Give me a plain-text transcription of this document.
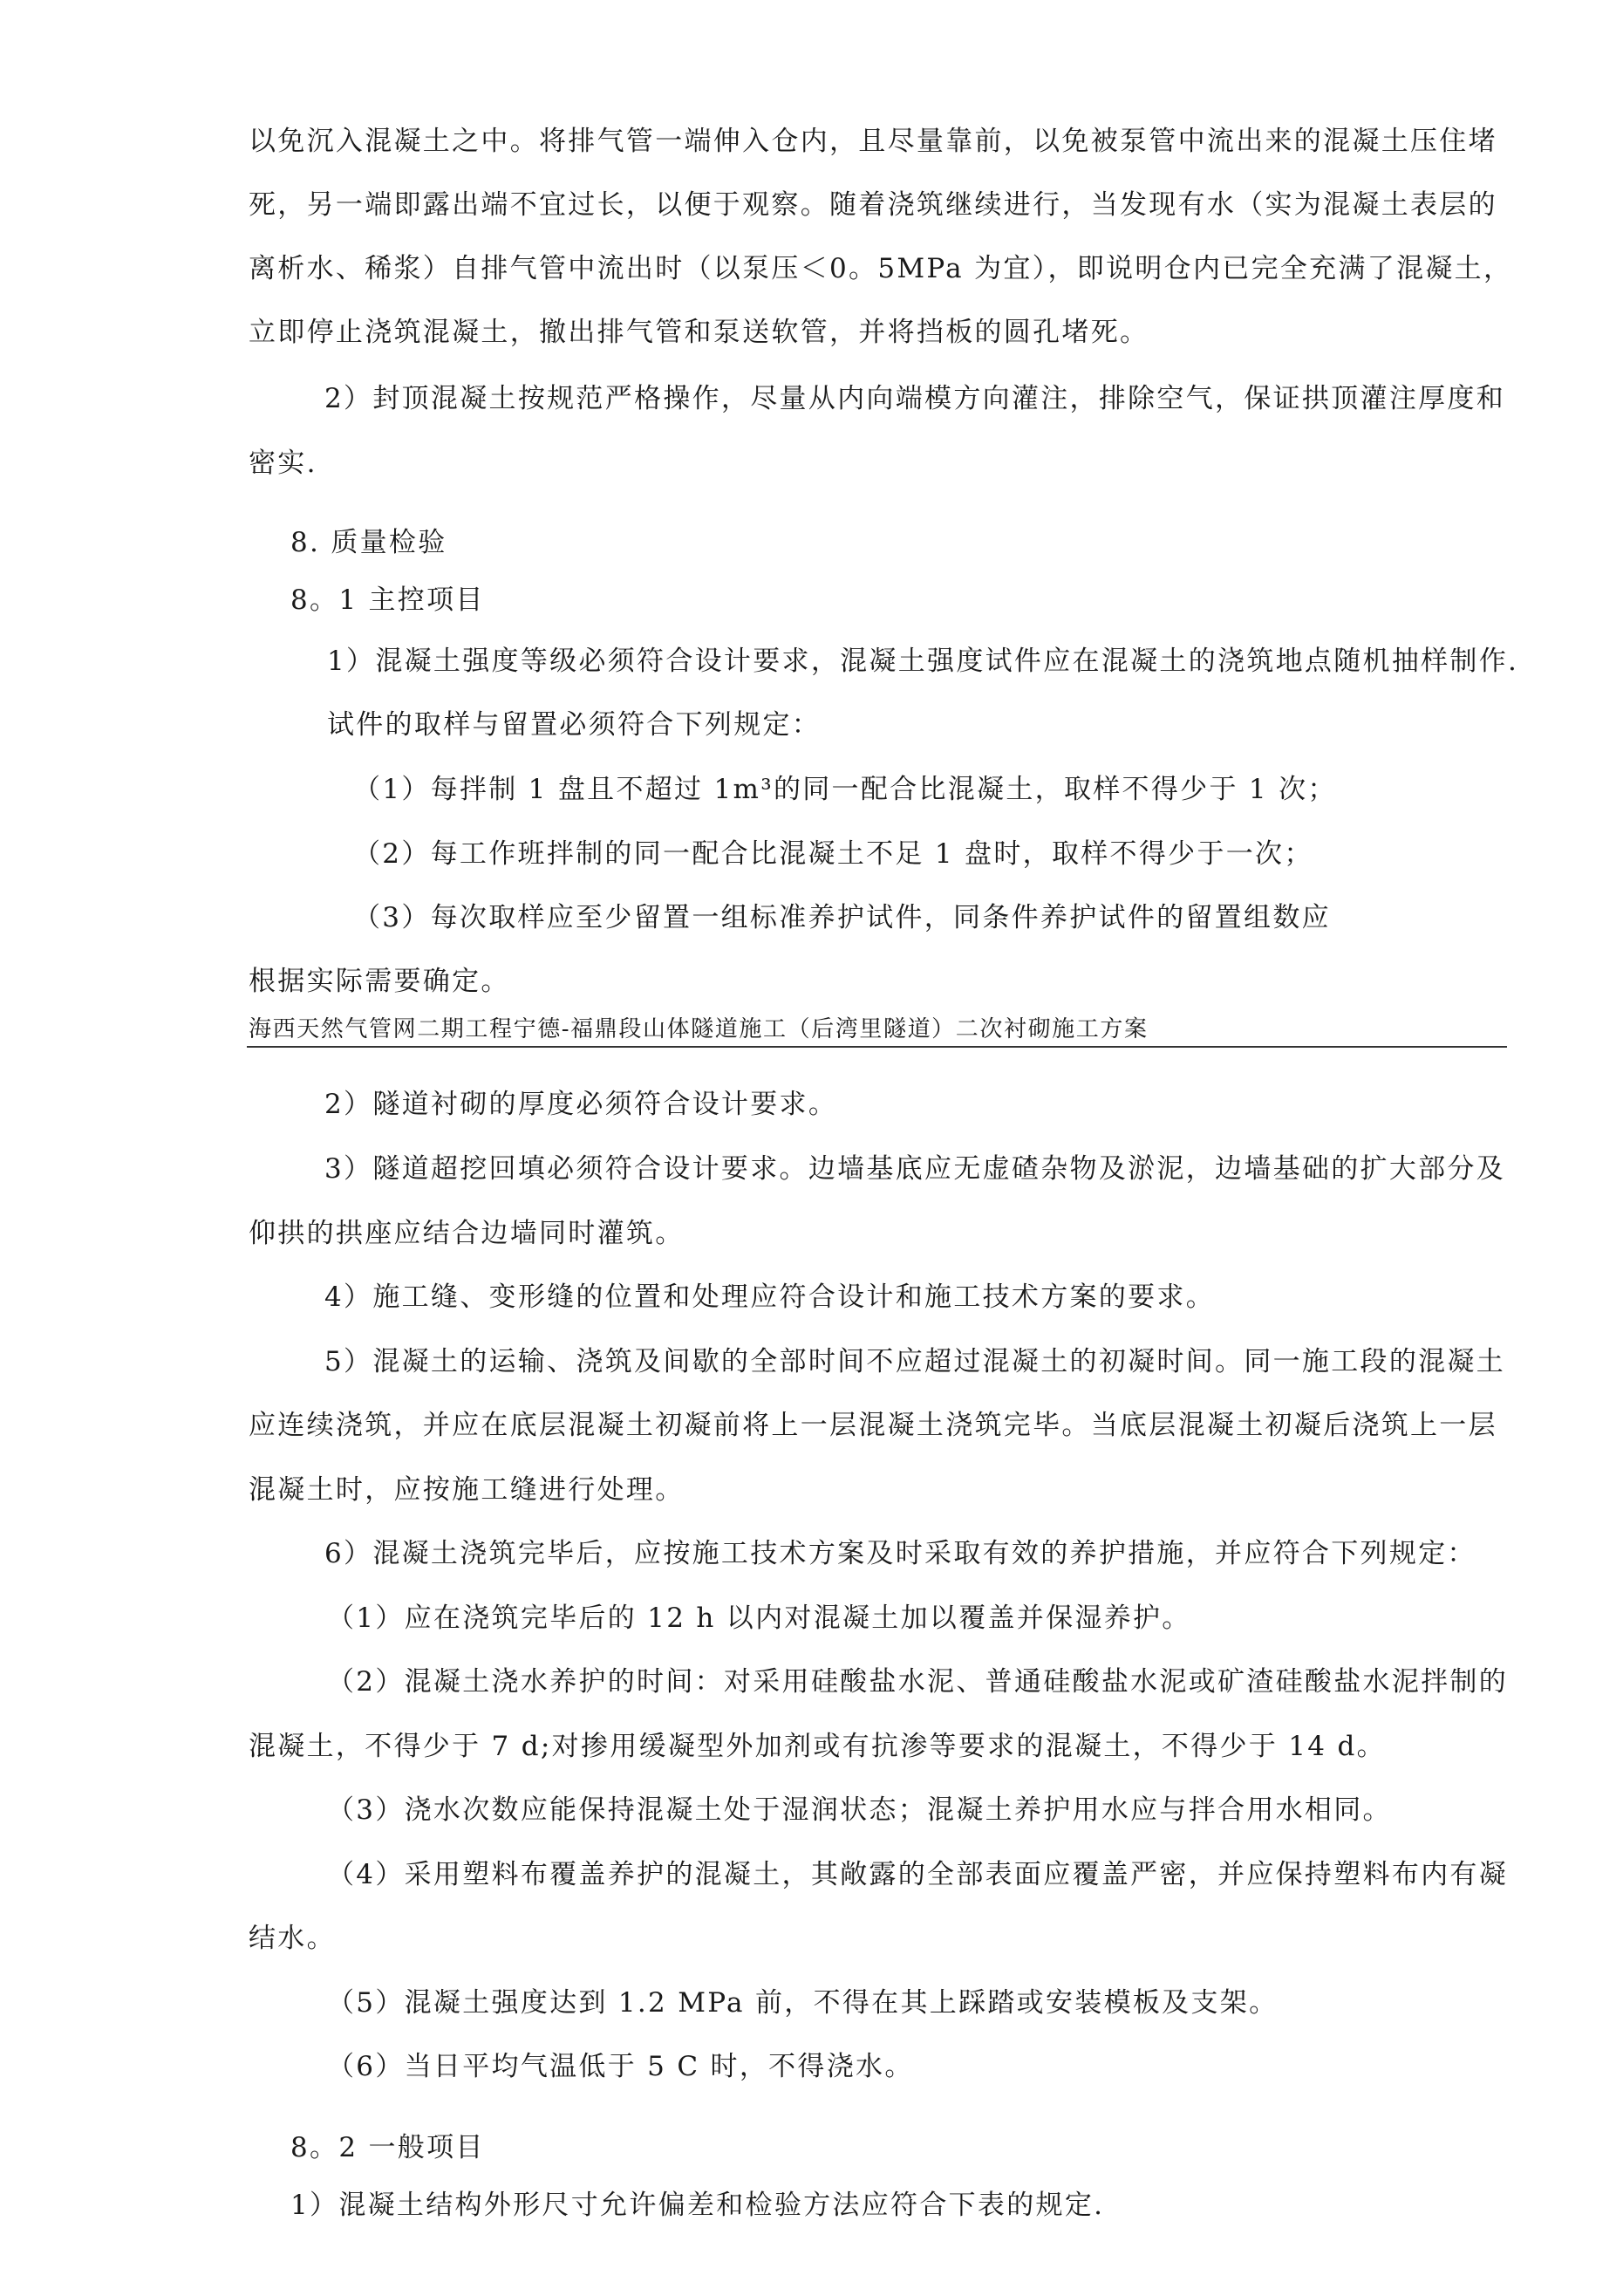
以免沉入混凝土之中。将排气管一端伸入仓内，且尽量靠前，以免被泵管中流出来的混凝土压住堵
死，另一端即露出端不宜过长，以便于观察。随着浇筑继续进行，当发现有水（实为混凝土表层的
离析水、稀浆）自排气管中流出时（以泵压＜0。5MPa 为宜），即说明仓内已完全充满了混凝土，
立即停止浇筑混凝土，撤出排气管和泵送软管，并将挡板的圆孔堵死。
2）封顶混凝土按规范严格操作，尽量从内向端模方向灌注，排除空气，保证拱顶灌注厚度和
密实.
8. 质量检验
8。1 主控项目
1）混凝土强度等级必须符合设计要求，混凝土强度试件应在混凝土的浇筑地点随机抽样制作.
试件的取样与留置必须符合下列规定：
（1）每拌制 1 盘且不超过 1m³的同一配合比混凝土，取样不得少于 1 次；
（2）每工作班拌制的同一配合比混凝土不足 1 盘时，取样不得少于一次；
（3）每次取样应至少留置一组标准养护试件，同条件养护试件的留置组数应
根据实际需要确定。
海西天然气管网二期工程宁德-福鼎段山体隧道施工（后湾里隧道）二次衬砌施工方案
2）隧道衬砌的厚度必须符合设计要求。
3）隧道超挖回填必须符合设计要求。边墙基底应无虚碴杂物及淤泥，边墙基础的扩大部分及
仰拱的拱座应结合边墙同时灌筑。
4）施工缝、变形缝的位置和处理应符合设计和施工技术方案的要求。
5）混凝土的运输、浇筑及间歇的全部时间不应超过混凝土的初凝时间。同一施工段的混凝土
应连续浇筑，并应在底层混凝土初凝前将上一层混凝土浇筑完毕。当底层混凝土初凝后浇筑上一层
混凝土时，应按施工缝进行处理。
6）混凝土浇筑完毕后，应按施工技术方案及时采取有效的养护措施，并应符合下列规定：
（1）应在浇筑完毕后的 12 h 以内对混凝土加以覆盖并保湿养护。
（2）混凝土浇水养护的时间：对采用硅酸盐水泥、普通硅酸盐水泥或矿渣硅酸盐水泥拌制的
混凝土，不得少于 7 d;对掺用缓凝型外加剂或有抗渗等要求的混凝土，不得少于 14 d。
（3）浇水次数应能保持混凝土处于湿润状态；混凝土养护用水应与拌合用水相同。
（4）采用塑料布覆盖养护的混凝土，其敞露的全部表面应覆盖严密，并应保持塑料布内有凝
结水。
（5）混凝土强度达到 1.2 MPa 前，不得在其上踩踏或安装模板及支架。
（6）当日平均气温低于 5 C 时，不得浇水。
8。2 一般项目
1）混凝土结构外形尺寸允许偏差和检验方法应符合下表的规定.
